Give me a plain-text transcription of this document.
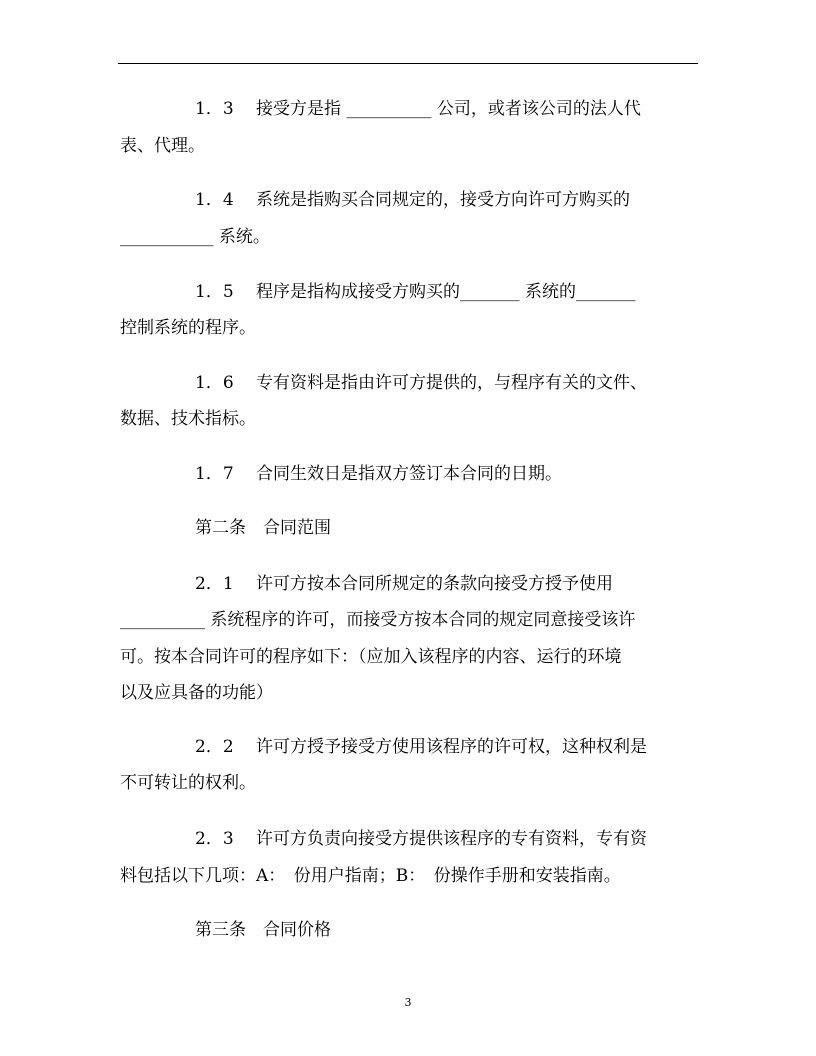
1．3　 接受方是指 __________ 公司，或者该公司的法人代
表、代理。
1．4　 系统是指购买合同规定的，接受方向许可方购买的
___________ 系统。
1．5　 程序是指构成接受方购买的_______ 系统的_______
控制系统的程序。
1．6　 专有资料是指由许可方提供的，与程序有关的文件、
数据、技术指标。
1．7　 合同生效日是指双方签订本合同的日期。
第二条　合同范围
2．1　 许可方按本合同所规定的条款向接受方授予使用
__________ 系统程序的许可，而接受方按本合同的规定同意接受该许
可。按本合同许可的程序如下：（应加入该程序的内容、运行的环境
以及应具备的功能）
2．2　 许可方授予接受方使用该程序的许可权，这种权利是
不可转让的权利。
2．3　 许可方负责向接受方提供该程序的专有资料，专有资
料包括以下几项：A：　份用户指南；B：　份操作手册和安装指南。
第三条　合同价格
3
